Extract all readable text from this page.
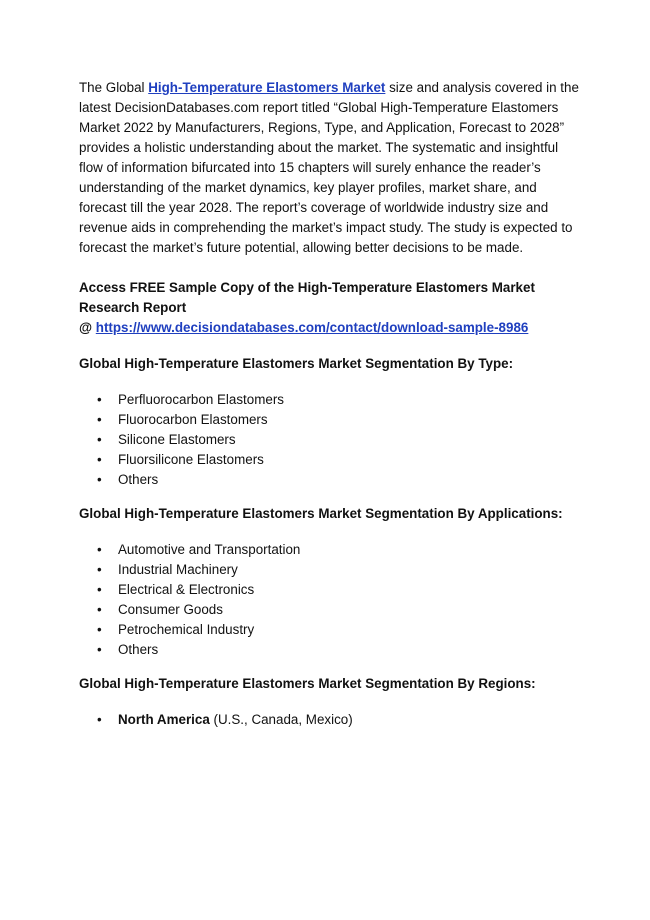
The Global High-Temperature Elastomers Market size and analysis covered in the latest DecisionDatabases.com report titled “Global High-Temperature Elastomers Market 2022 by Manufacturers, Regions, Type, and Application, Forecast to 2028” provides a holistic understanding about the market. The systematic and insightful flow of information bifurcated into 15 chapters will surely enhance the reader’s understanding of the market dynamics, key player profiles, market share, and forecast till the year 2028. The report’s coverage of worldwide industry size and revenue aids in comprehending the market’s impact study. The study is expected to forecast the market’s future potential, allowing better decisions to be made.

Access FREE Sample Copy of the High-Temperature Elastomers Market Research Report

@ https://www.decisiondatabases.com/contact/download-sample-8986

Global High-Temperature Elastomers Market Segmentation By Type:

• Perfluorocarbon Elastomers
• Fluorocarbon Elastomers
• Silicone Elastomers
• Fluorsilicone Elastomers
• Others

Global High-Temperature Elastomers Market Segmentation By Applications:

• Automotive and Transportation
• Industrial Machinery
• Electrical & Electronics
• Consumer Goods
• Petrochemical Industry
• Others

Global High-Temperature Elastomers Market Segmentation By Regions:

• North America (U.S., Canada, Mexico)
